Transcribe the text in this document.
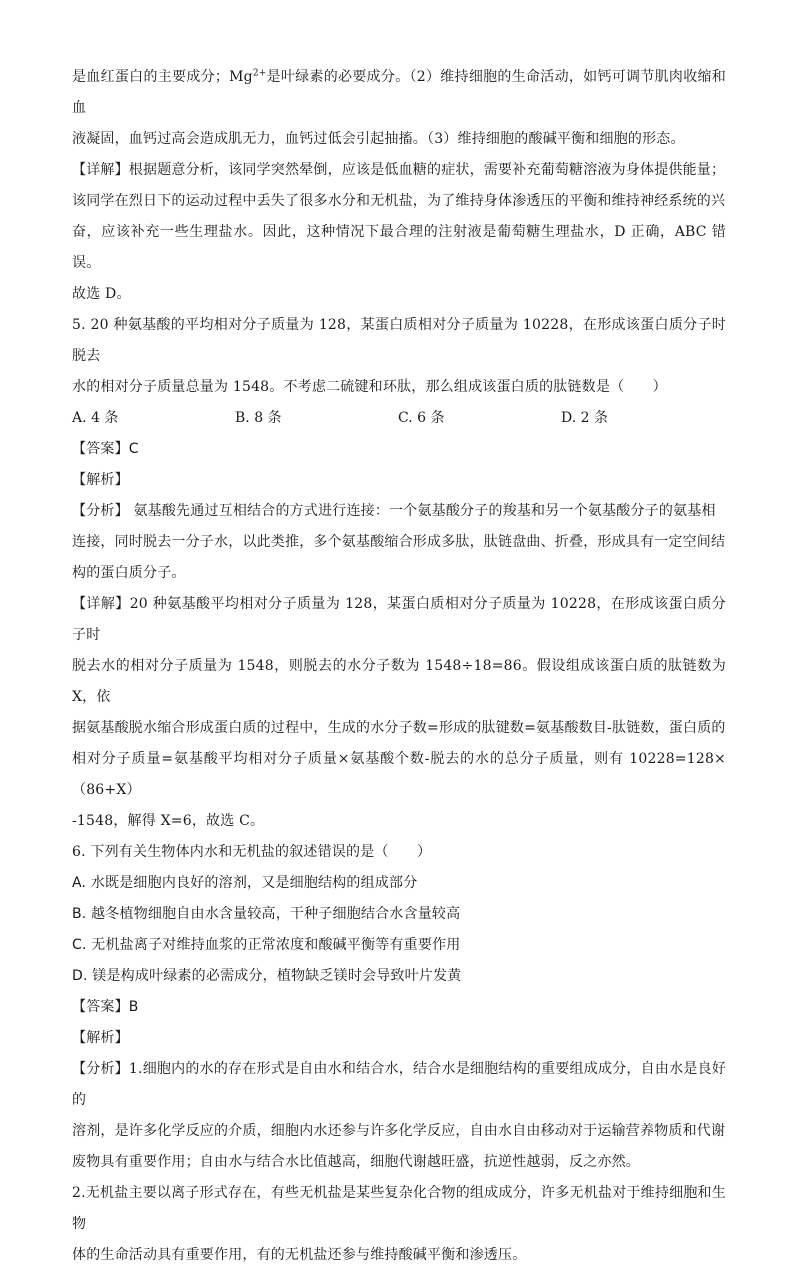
是血红蛋白的主要成分；$Mg^{2+}$是叶绿素的必要成分。（2）维持细胞的生命活动，如钙可调节肌肉收缩和血

液凝固，血钙过高会造成肌无力，血钙过低会引起抽搐。（3）维持细胞的酸碱平衡和细胞的形态。

【详解】根据题意分析，该同学突然晕倒，应该是低血糖的症状，需要补充葡萄糖溶液为身体提供能量；

该同学在烈日下的运动过程中丢失了很多水分和无机盐，为了维持身体渗透压的平衡和维持神经系统的兴

奋，应该补充一些生理盐水。因此，这种情况下最合理的注射液是葡萄糖生理盐水，D 正确，ABC 错误。

故选 D。

5. 20 种氨基酸的平均相对分子质量为 128，某蛋白质相对分子质量为 10228，在形成该蛋白质分子时脱去

水的相对分子质量总量为 1548。不考虑二硫键和环肽，那么组成该蛋白质的肽链数是（　　）

A. 4 条	B. 8 条	C. 6 条	D. 2 条

【答案】C

【解析】

【分析】 氨基酸先通过互相结合的方式进行连接：一个氨基酸分子的羧基和另一个氨基酸分子的氨基相

连接，同时脱去一分子水，以此类推，多个氨基酸缩合形成多肽，肽链盘曲、折叠，形成具有一定空间结

构的蛋白质分子。

【详解】20 种氨基酸平均相对分子质量为 128，某蛋白质相对分子质量为 10228，在形成该蛋白质分子时

脱去水的相对分子质量为 1548，则脱去的水分子数为 1548÷18=86。假设组成该蛋白质的肽链数为 X，依

据氨基酸脱水缩合形成蛋白质的过程中，生成的水分子数=形成的肽键数=氨基酸数目-肽链数，蛋白质的

相对分子质量=氨基酸平均相对分子质量×氨基酸个数-脱去的水的总分子质量，则有 10228=128×（86+X）

-1548，解得 X=6，故选 C。

6. 下列有关生物体内水和无机盐的叙述错误的是（　　）

A. 水既是细胞内良好的溶剂，又是细胞结构的组成部分

B. 越冬植物细胞自由水含量较高，干种子细胞结合水含量较高

C. 无机盐离子对维持血浆的正常浓度和酸碱平衡等有重要作用

D. 镁是构成叶绿素的必需成分，植物缺乏镁时会导致叶片发黄

【答案】B

【解析】

【分析】1.细胞内的水的存在形式是自由水和结合水，结合水是细胞结构的重要组成成分，自由水是良好的

溶剂，是许多化学反应的介质，细胞内水还参与许多化学反应，自由水自由移动对于运输营养物质和代谢

废物具有重要作用；自由水与结合水比值越高，细胞代谢越旺盛，抗逆性越弱，反之亦然。

2.无机盐主要以离子形式存在，有些无机盐是某些复杂化合物的组成成分，许多无机盐对于维持细胞和生物

体的生命活动具有重要作用，有的无机盐还参与维持酸碱平衡和渗透压。
